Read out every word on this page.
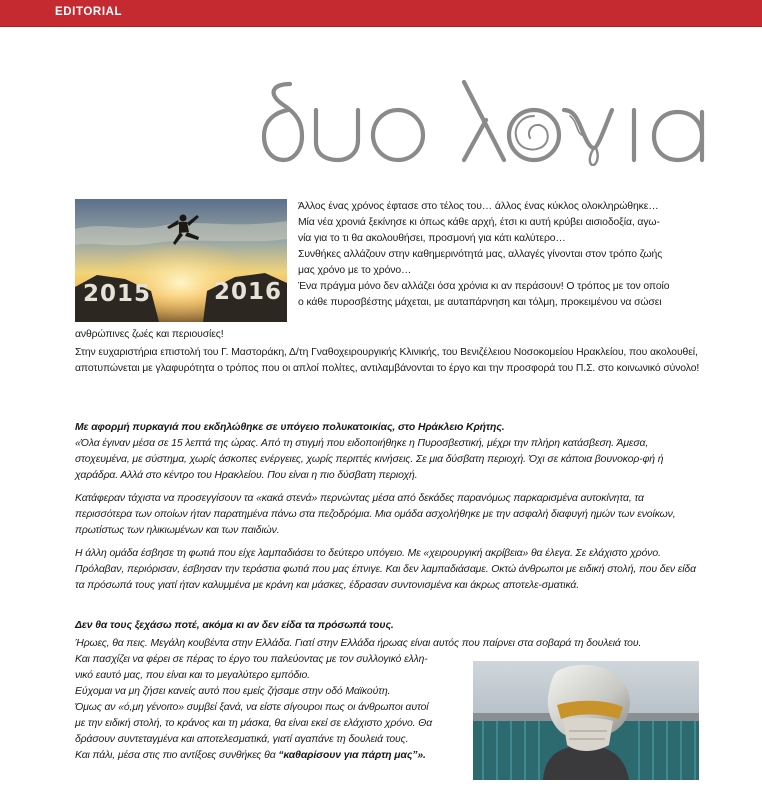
EDITORIAL
2015	2016
Άλλος ένας χρόνος έφτασε στο τέλος του… άλλος ένας κύκλος ολοκληρώθηκε…
Μία νέα χρονιά ξεκίνησε κι όπως κάθε αρχή, έτσι κι αυτή κρύβει αισιοδοξία, αγω-
νία για το τι θα ακολουθήσει, προσμονή για κάτι καλύτερο…
Συνθήκες αλλάζουν στην καθημερινότητά μας, αλλαγές γίνονται στον τρόπο ζωής
μας χρόνο με το χρόνο…
Ένα πράγμα μόνο δεν αλλάζει όσα χρόνια κι αν περάσουν! Ο τρόπος με τον οποίο
ο κάθε πυροσβέστης μάχεται, με αυταπάρνηση και τόλμη, προκειμένου να σώσει
ανθρώπινες ζωές και περιουσίες!
Στην ευχαριστήρια επιστολή του Γ. Μαστοράκη, Δ/τη Γναθοχειρουργικής Κλινικής, του Βενιζέλειου Νοσοκομείου Ηρακλείου, που ακολουθεί, αποτυπώνεται με γλαφυρότητα ο τρόπος που οι απλοί πολίτες, αντιλαμβάνονται το έργο και την προσφορά του Π.Σ. στο κοινωνικό σύνολο!
Με αφορμή πυρκαγιά που εκδηλώθηκε σε υπόγειο πολυκατοικίας, στο Ηράκλειο Κρήτης.
«Όλα έγιναν μέσα σε 15 λεπτά της ώρας. Από τη στιγμή που ειδοποιήθηκε η Πυροσβεστική, μέχρι την πλήρη κατάσβεση. Άμεσα, στοχευμένα, με σύστημα, χωρίς άσκοπες ενέργειες, χωρίς περιττές κινήσεις. Σε μια δύσβατη περιοχή. Όχι σε κάποια βουνοκορ-φή ή χαράδρα. Αλλά στο κέντρο του Ηρακλείου. Που είναι η πιο δύσβατη περιοχή.
Κατάφεραν τάχιστα να προσεγγίσουν τα «κακά στενά» περνώντας μέσα από δεκάδες παρανόμως παρκαρισμένα αυτοκίνητα, τα περισσότερα των οποίων ήταν παρατημένα πάνω στα πεζοδρόμια. Μια ομάδα ασχολήθηκε με την ασφαλή διαφυγή ημών των ενοίκων, πρωτίστως των ηλικιωμένων και των παιδιών.
Η άλλη ομάδα έσβησε τη φωτιά που είχε λαμπαδιάσει το δεύτερο υπόγειο. Με «χειρουργική ακρίβεια» θα έλεγα. Σε ελάχιστο χρόνο. Πρόλαβαν, περιόρισαν, έσβησαν την τεράστια φωτιά που μας έπνιγε. Και δεν λαμπαδιάσαμε. Οκτώ άνθρωποι με ειδική στολή, που δεν είδα τα πρόσωπά τους γιατί ήταν καλυμμένα με κράνη και μάσκες, έδρασαν συντονισμένα και άκρως αποτελε-σματικά.
Δεν θα τους ξεχάσω ποτέ, ακόμα κι αν δεν είδα τα πρόσωπά τους.
Ήρωες, θα πεις. Μεγάλη κουβέντα στην Ελλάδα. Γιατί στην Ελλάδα ήρωας είναι αυτός που παίρνει στα σοβαρά τη δουλειά του.
Και πασχίζει να φέρει σε πέρας το έργο του παλεύοντας με τον συλλογικό ελλη-
νικό εαυτό μας, που είναι και το μεγαλύτερο εμπόδιο.
Εύχομαι να μη ζήσει κανείς αυτό που εμείς ζήσαμε στην οδό Μαϊκούτη.
Όμως αν «ό,μη γένοιτο» συμβεί ξανά, να είστε σίγουροι πως οι άνθρωποι αυτοί
με την ειδική στολή, το κράνος και τη μάσκα, θα είναι εκεί σε ελάχιστο χρόνο. Θα
δράσουν συντεταγμένα και αποτελεσματικά, γιατί αγαπάνε τη δουλειά τους.
Και πάλι, μέσα στις πιο αντίξοες συνθήκες θα “καθαρίσουν για πάρτη μας”».
